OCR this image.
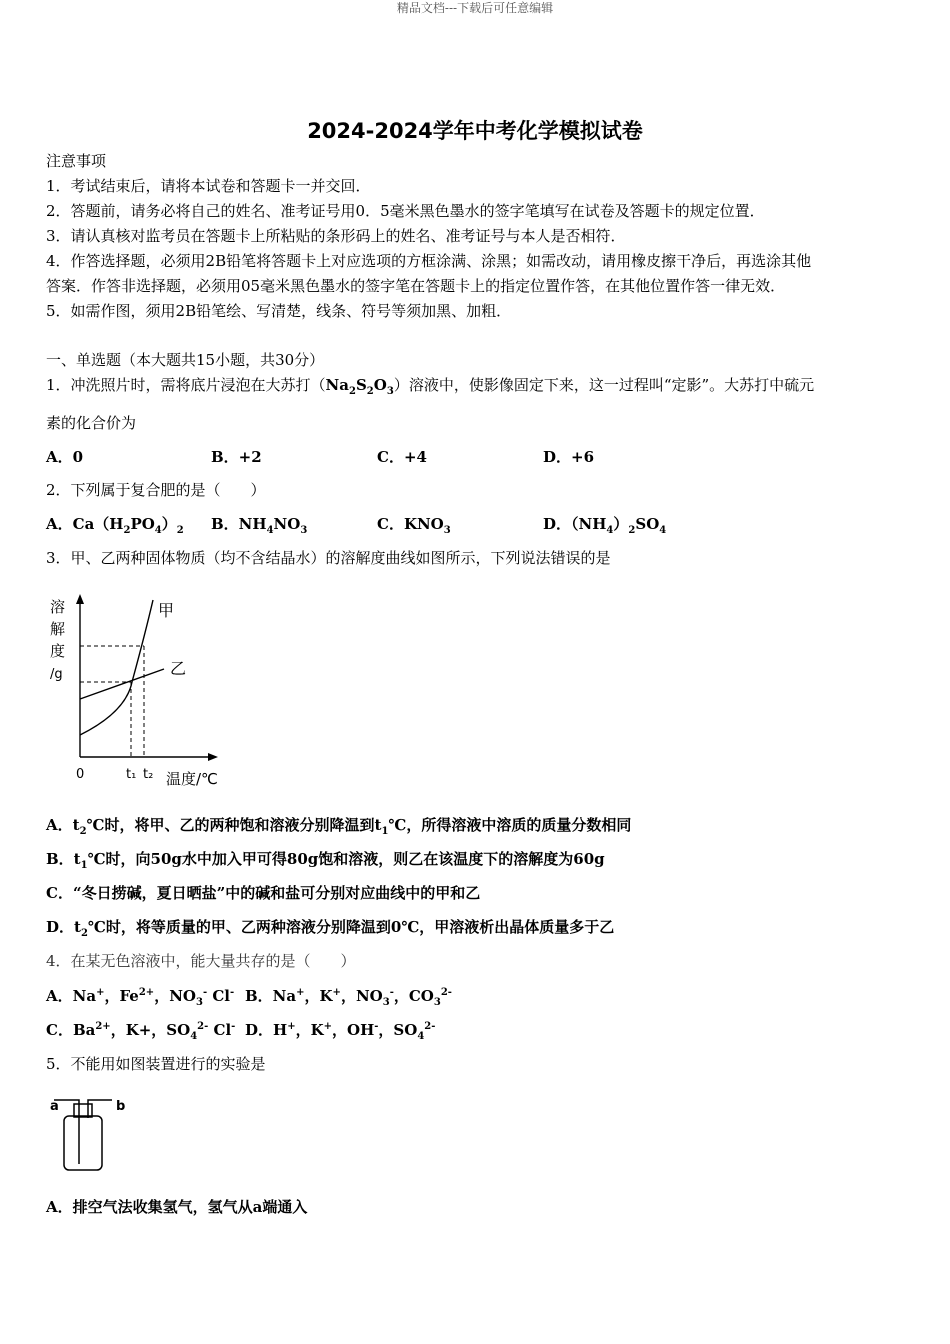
精品文档---下载后可任意编辑
2024-2024学年中考化学模拟试卷
注意事项
1．考试结束后，请将本试卷和答题卡一并交回．
2．答题前，请务必将自己的姓名、准考证号用0．5毫米黑色墨水的签字笔填写在试卷及答题卡的规定位置．
3．请认真核对监考员在答题卡上所粘贴的条形码上的姓名、准考证号与本人是否相符．
4．作答选择题，必须用2B铅笔将答题卡上对应选项的方框涂满、涂黑；如需改动，请用橡皮擦干净后，再选涂其他
答案．作答非选择题，必须用05毫米黑色墨水的签字笔在答题卡上的指定位置作答，在其他位置作答一律无效．
5．如需作图，须用2B铅笔绘、写清楚，线条、符号等须加黑、加粗．
一、单选题（本大题共15小题，共30分）
1．冲洗照片时，需将底片浸泡在大苏打$(Na_2S_2O_3)$溶液中，使影像固定下来，这一过程叫“定影”。大苏打中硫元
素的化合价为
A．0	B．+2	C．+4	D．+6
2．下列属于复合肥的是（　　）
A．$Ca(H_2PO_4)_2$ B．$NH_4NO_3$	C．$KNO_3$	D．$(NH_4)_2SO_4$
3．甲、乙两种固体物质（均不含结晶水）的溶解度曲线如图所示，下列说法错误的是
溶
解
度
/g
甲
乙
0	t₁ t₂ 温度/℃
A．$t_2℃$时，将甲、乙的两种饱和溶液分别降温到$t_1℃$，所得溶液中溶质的质量分数相同
B．$t_1℃$时，向50g水中加入甲可得80g饱和溶液，则乙在该温度下的溶解度为60g
C．“冬日捞碱，夏日晒盐”中的碱和盐可分别对应曲线中的甲和乙
D．$t_2℃$时，将等质量的甲、乙两种溶液分别降温到0℃，甲溶液析出晶体质量多于乙
4．在某无色溶液中，能大量共存的是（　　）
A．Na+，$Fe^{2+}$，$NO_3^-$ Cl- B．Na+，K+，$NO_3^-$，$CO_3^{2-}$
C．$Ba^{2+}$，K+，$SO_4^{2-}$ Cl- D．H+，K+，OH-，$SO_4^{2-}$
5．不能用如图装置进行的实验是
a	b
A．排空气法收集氢气，氢气从a端通入
